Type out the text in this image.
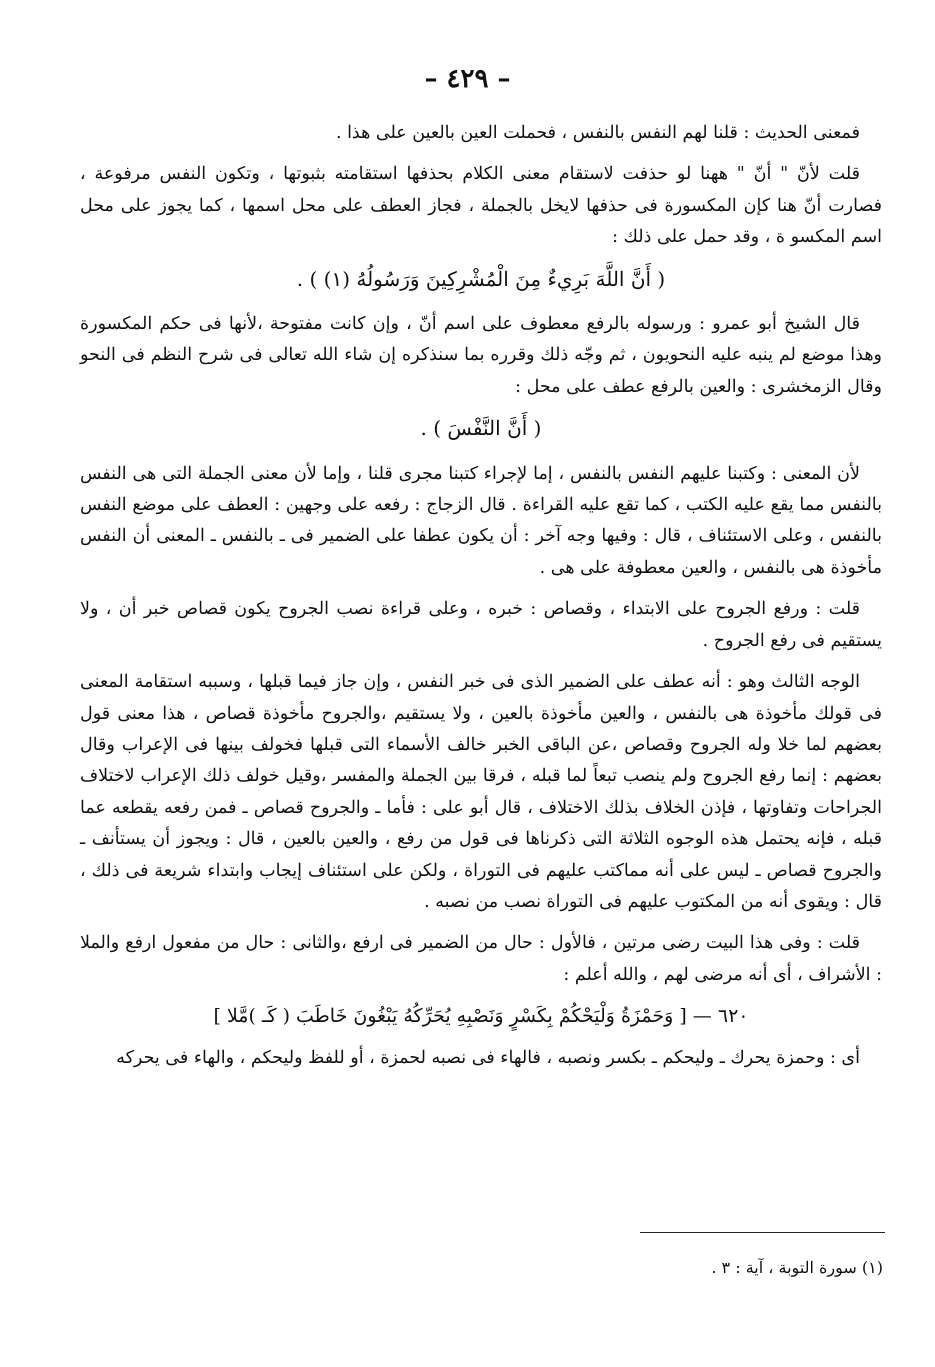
– ٤٢٩ –

فمعنى الحديث : قلنا لهم النفس بالنفس ، فحملت العين بالعين على هذا .

قلت لأنّ " أنّ " ههنا لو حذفت لاستقام معنى الكلام بحذفها استقامته بثبوتها ، وتكون النفس مرفوعة ، فصارت أنّ هنا كإن المكسورة فى حذفها لايخل بالجملة ، فجاز العطف على محل اسمها ، كما يجوز على محل اسم المكسو ة ، وقد حمل على ذلك :

( أَنَّ اللَّهَ بَرِيءٌ مِنَ الْمُشْرِكِينَ وَرَسُولُهُ (١) ) .

قال الشيخ أبو عمرو : ورسوله بالرفع معطوف على اسم أنّ ، وإن كانت مفتوحة ،لأنها فى حكم المكسورة وهذا موضع لم ينبه عليه النحويون ، ثم وجّه ذلك وقرره بما سنذكره إن شاء الله تعالى فى شرح النظم فى النحو وقال الزمخشرى : والعين بالرفع عطف على محل :

( أَنَّ النَّفْسَ ) .

لأن المعنى : وكتبنا عليهم النفس بالنفس ، إما لإجراء كتبنا مجرى قلنا ، وإما لأن معنى الجملة التى هى النفس بالنفس مما يقع عليه الكتب ، كما تقع عليه القراءة . قال الزجاج : رفعه على وجهين : العطف على موضع النفس بالنفس ، وعلى الاستئناف ، قال : وفيها وجه آخر : أن يكون عطفا على الضمير فى ـ بالنفس ـ المعنى أن النفس مأخوذة هى بالنفس ، والعين معطوفة على هى .

قلت : ورفع الجروح على الابتداء ، وقصاص : خبره ، وعلى قراءة نصب الجروح يكون قصاص خبر أن ، ولا يستقيم فى رفع الجروح .

الوجه الثالث وهو : أنه عطف على الضمير الذى فى خبر النفس ، وإن جاز فيما قبلها ، وسببه استقامة المعنى فى قولك مأخوذة هى بالنفس ، والعين مأخوذة بالعين ، ولا يستقيم ،والجروح مأخوذة قصاص ، هذا معنى قول بعضهم لما خلا وله الجروح وقصاص ،عن الباقى الخبر خالف الأسماء التى قبلها فخولف بينها فى الإعراب وقال بعضهم : إنما رفع الجروح ولم ينصب تبعاً لما قبله ، فرقا بين الجملة والمفسر ،وقيل خولف ذلك الإعراب لاختلاف الجراحات وتفاوتها ، فإذن الخلاف بذلك الاختلاف ، قال أبو على : فأما ـ والجروح قصاص ـ فمن رفعه يقطعه عما قبله ، فإنه يحتمل هذه الوجوه الثلاثة التى ذكرناها فى قول من رفع ، والعين بالعين ، قال : ويجوز أن يستأنف ـ والجروح قصاص ـ ليس على أنه مماكتب عليهم فى التوراة ، ولكن على استئناف إيجاب وابتداء شريعة فى ذلك ، قال : ويقوى أنه من المكتوب عليهم فى التوراة نصب من نصبه .

قلت : وفى هذا البيت رضى مرتين ، فالأول : حال من الضمير فى ارفع ،والثانى : حال من مفعول ارفع والملا : الأشراف ، أى أنه مرضى لهم ، والله أعلم :

٦٢٠ — [ وَحَمْزَةُ وَلْيَحْكُمْ بِكَسْرٍ وَنَصْبِهِ يُحَرِّكُهُ يَبْغُونَ خَاطَبَ ( كَـ )مَّلا ]

أى : وحمزة يحرك ـ وليحكم ـ بكسر ونصبه ، فالهاء فى نصبه لحمزة ، أو للفظ وليحكم ، والهاء فى يحركه

(١) سورة التوبة ، آية : ٣ .
